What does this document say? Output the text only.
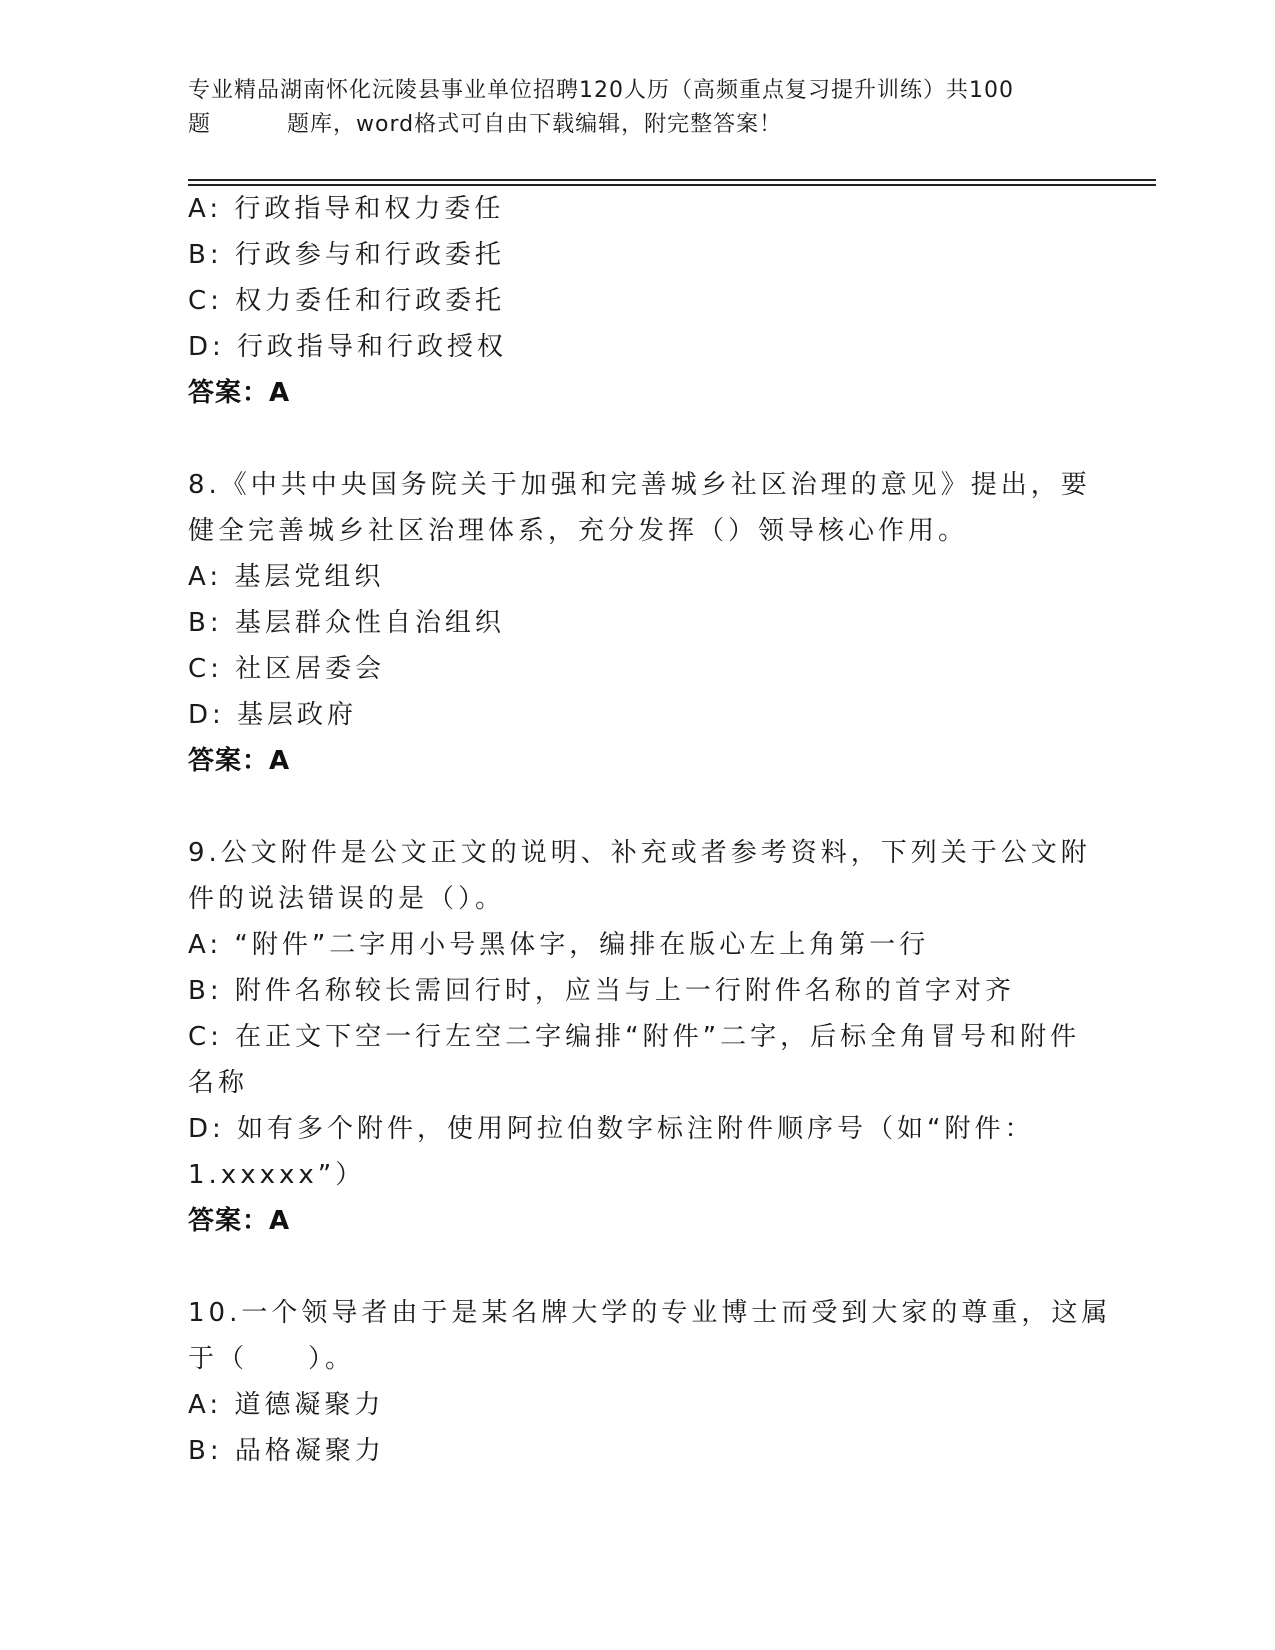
专业精品湖南怀化沅陵县事业单位招聘120人历（高频重点复习提升训练）共100
题	题库，word格式可自由下载编辑，附完整答案！
A: 行政指导和权力委任
B: 行政参与和行政委托
C: 权力委任和行政委托
D: 行政指导和行政授权
答案：A
8.《中共中央国务院关于加强和完善城乡社区治理的意见》提出，要
健全完善城乡社区治理体系，充分发挥（）领导核心作用。
A: 基层党组织
B: 基层群众性自治组织
C: 社区居委会
D: 基层政府
答案：A
9.公文附件是公文正文的说明、补充或者参考资料，下列关于公文附
件的说法错误的是（）。
A: “附件”二字用小号黑体字，编排在版心左上角第一行
B: 附件名称较长需回行时，应当与上一行附件名称的首字对齐
C: 在正文下空一行左空二字编排“附件”二字，后标全角冒号和附件
名称
D: 如有多个附件，使用阿拉伯数字标注附件顺序号（如“附件：
1.xxxxx”）
答案：A
10.一个领导者由于是某名牌大学的专业博士而受到大家的尊重，这属
于（　　）。
A: 道德凝聚力
B: 品格凝聚力
